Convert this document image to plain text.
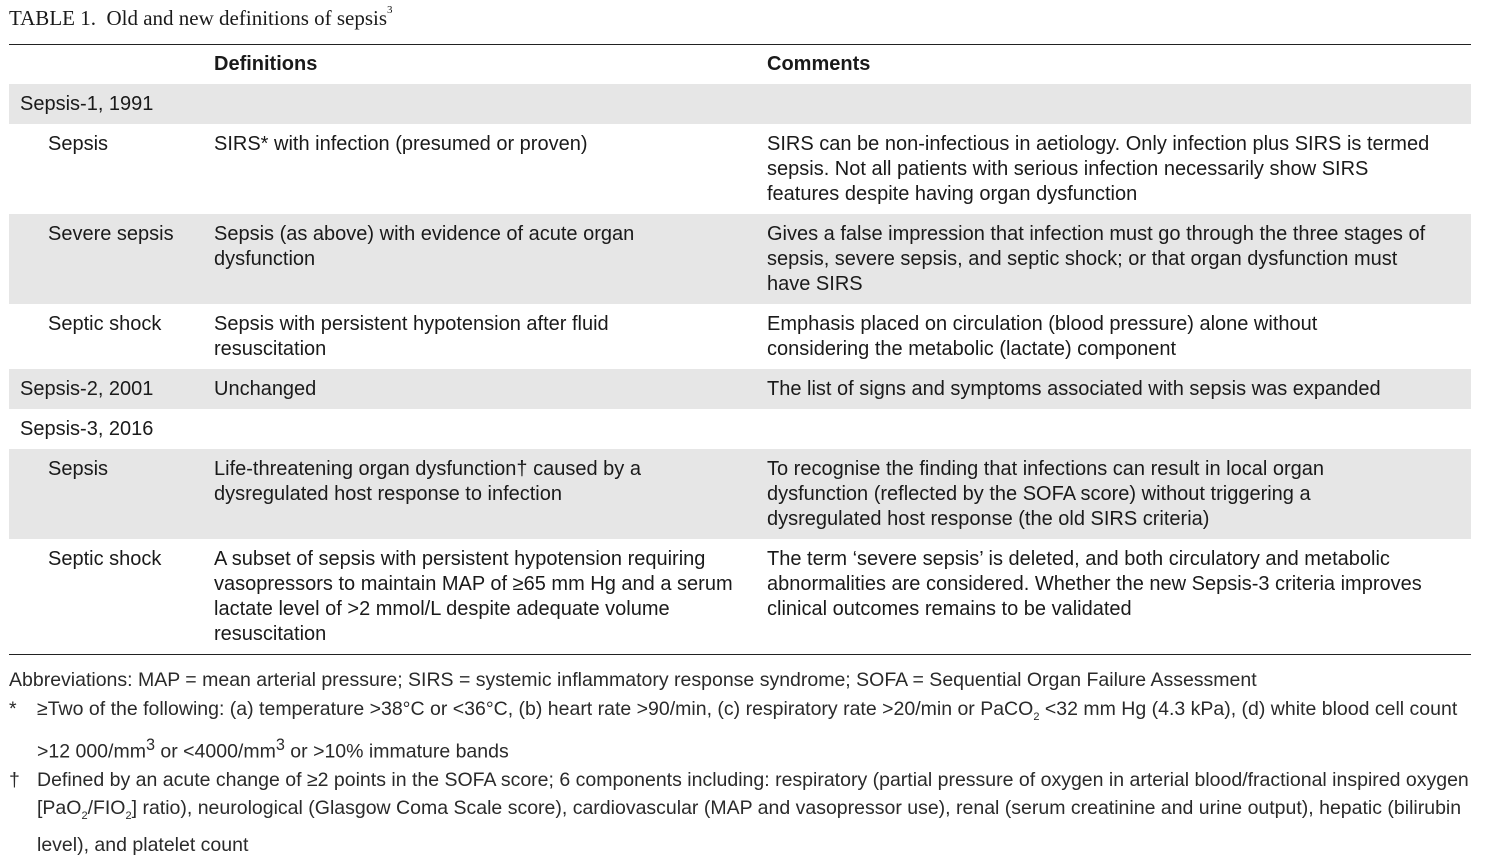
TABLE 1. Old and new definitions of sepsis$^3$
	Definitions	Comments
Sepsis-1, 1991		
Sepsis	SIRS* with infection (presumed or proven)	SIRS can be non-infectious in aetiology. Only infection plus SIRS is termed sepsis. Not all patients with serious infection necessarily show SIRS features despite having organ dysfunction
Severe sepsis	Sepsis (as above) with evidence of acute organ dysfunction	Gives a false impression that infection must go through the three stages of sepsis, severe sepsis, and septic shock; or that organ dysfunction must have SIRS
Septic shock	Sepsis with persistent hypotension after fluid resuscitation	Emphasis placed on circulation (blood pressure) alone without considering the metabolic (lactate) component
Sepsis-2, 2001	Unchanged	The list of signs and symptoms associated with sepsis was expanded
Sepsis-3, 2016		
Sepsis	Life-threatening organ dysfunction† caused by a dysregulated host response to infection	To recognise the finding that infections can result in local organ dysfunction (reflected by the SOFA score) without triggering a dysregulated host response (the old SIRS criteria)
Septic shock	A subset of sepsis with persistent hypotension requiring vasopressors to maintain MAP of ≥65 mm Hg and a serum lactate level of >2 mmol/L despite adequate volume resuscitation	The term ‘severe sepsis’ is deleted, and both circulatory and metabolic abnormalities are considered. Whether the new Sepsis-3 criteria improves clinical outcomes remains to be validated
Abbreviations: MAP = mean arterial pressure; SIRS = systemic inflammatory response syndrome; SOFA = Sequential Organ Failure Assessment
* ≥Two of the following: (a) temperature >38°C or <36°C, (b) heart rate >90/min, (c) respiratory rate >20/min or PaCO$_2$ <32 mm Hg (4.3 kPa), (d) white blood cell count >12 $000/mm^3$ or $<4000/mm^3$ or >10% immature bands
† Defined by an acute change of ≥2 points in the SOFA score; 6 components including: respiratory (partial pressure of oxygen in arterial blood/fractional inspired oxygen $[PaO_2/FIO_2]$ ratio), neurological (Glasgow Coma Scale score), cardiovascular (MAP and vasopressor use), renal (serum creatinine and urine output), hepatic (bilirubin level), and platelet count
